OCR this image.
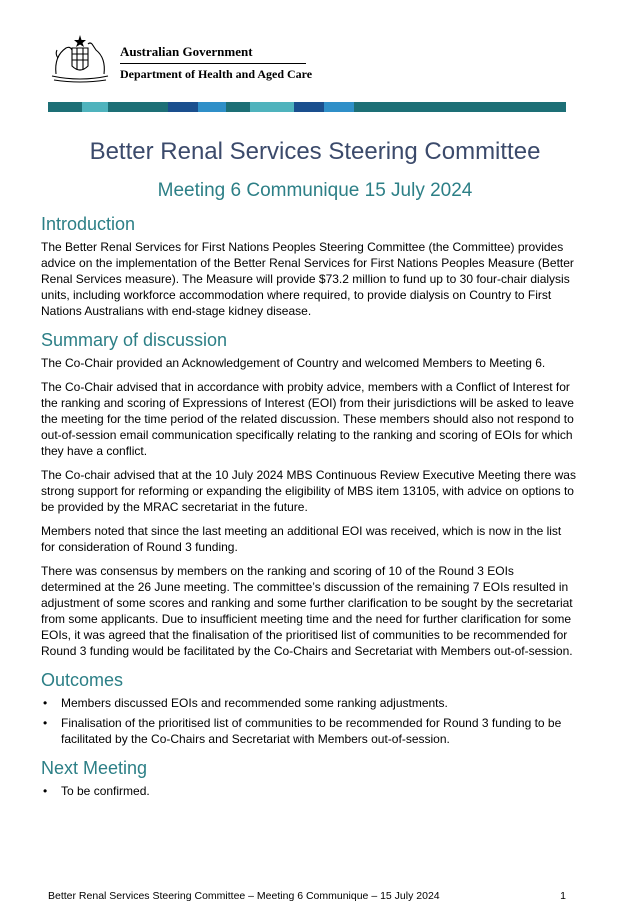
Australian Government
Department of Health and Aged Care
Better Renal Services Steering Committee
Meeting 6 Communique 15 July 2024
Introduction

The Better Renal Services for First Nations Peoples Steering Committee (the Committee) provides advice on the implementation of the Better Renal Services for First Nations Peoples Measure (Better Renal Services measure). The Measure will provide $73.2 million to fund up to 30 four-chair dialysis units, including workforce accommodation where required, to provide dialysis on Country to First Nations Australians with end-stage kidney disease.

Summary of discussion

The Co-Chair provided an Acknowledgement of Country and welcomed Members to Meeting 6.

The Co-Chair advised that in accordance with probity advice, members with a Conflict of Interest for the ranking and scoring of Expressions of Interest (EOI) from their jurisdictions will be asked to leave the meeting for the time period of the related discussion. These members should also not respond to out-of-session email communication specifically relating to the ranking and scoring of EOIs for which they have a conflict.

The Co-chair advised that at the 10 July 2024 MBS Continuous Review Executive Meeting there was strong support for reforming or expanding the eligibility of MBS item 13105, with advice on options to be provided by the MRAC secretariat in the future.

Members noted that since the last meeting an additional EOI was received, which is now in the list for consideration of Round 3 funding.

There was consensus by members on the ranking and scoring of 10 of the Round 3 EOIs determined at the 26 June meeting. The committee’s discussion of the remaining 7 EOIs resulted in adjustment of some scores and ranking and some further clarification to be sought by the secretariat from some applicants. Due to insufficient meeting time and the need for further clarification for some EOIs, it was agreed that the finalisation of the prioritised list of communities to be recommended for Round 3 funding would be facilitated by the Co-Chairs and Secretariat with Members out-of-session.

Outcomes
• Members discussed EOIs and recommended some ranking adjustments.
• Finalisation of the prioritised list of communities to be recommended for Round 3 funding to be facilitated by the Co-Chairs and Secretariat with Members out-of-session.
Next Meeting
• To be confirmed.
Better Renal Services Steering Committee – Meeting 6 Communique – 15 July 2024	1
